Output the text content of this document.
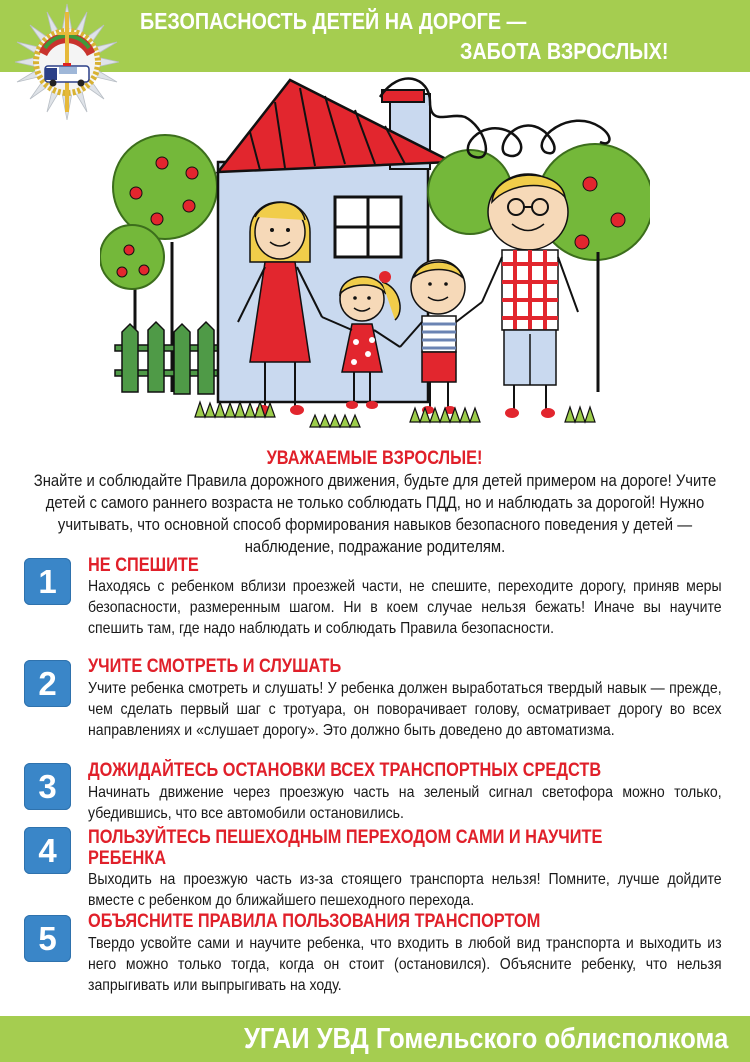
БЕЗОПАСНОСТЬ ДЕТЕЙ НА ДОРОГЕ —
ЗАБОТА ВЗРОСЛЫХ!
УВАЖАЕМЫЕ ВЗРОСЛЫЕ!
Знайте и соблюдайте Правила дорожного движения, будьте для детей примером на дороге! Учите детей с самого раннего возраста не только соблюдать ПДД, но и наблюдать за дорогой! Нужно учитывать, что основной способ формирования навыков безопасного поведения у детей — наблюдение, подражание родителям.
1	НЕ СПЕШИТЕ
Находясь с ребенком вблизи проезжей части, не спешите, переходите дорогу, приняв меры безопасности, размеренным шагом. Ни в коем случае нельзя бежать! Иначе вы научите спешить там, где надо наблюдать и соблюдать Правила безопасности.
2	УЧИТЕ СМОТРЕТЬ И СЛУШАТЬ
Учите ребенка смотреть и слушать! У ребенка должен выработаться твердый навык — прежде, чем сделать первый шаг с тротуара, он поворачивает голову, осматривает дорогу во всех направлениях и «слушает дорогу». Это должно быть доведено до автоматизма.
3	ДОЖИДАЙТЕСЬ ОСТАНОВКИ ВСЕХ ТРАНСПОРТНЫХ СРЕДСТВ
Начинать движение через проезжую часть на зеленый сигнал светофора можно только, убедившись, что все автомобили остановились.
4	ПОЛЬЗУЙТЕСЬ ПЕШЕХОДНЫМ ПЕРЕХОДОМ САМИ И НАУЧИТЕ
РЕБЕНКА
Выходить на проезжую часть из-за стоящего транспорта нельзя! Помните, лучше дойдите вместе с ребенком до ближайшего пешеходного перехода.
5	ОБЪЯСНИТЕ ПРАВИЛА ПОЛЬЗОВАНИЯ ТРАНСПОРТОМ
Твердо усвойте сами и научите ребенка, что входить в любой вид транспорта и выходить из него можно только тогда, когда он стоит (остановился). Объясните ребенку, что нельзя запрыгивать или выпрыгивать на ходу.
УГАИ УВД Гомельского облисполкома
